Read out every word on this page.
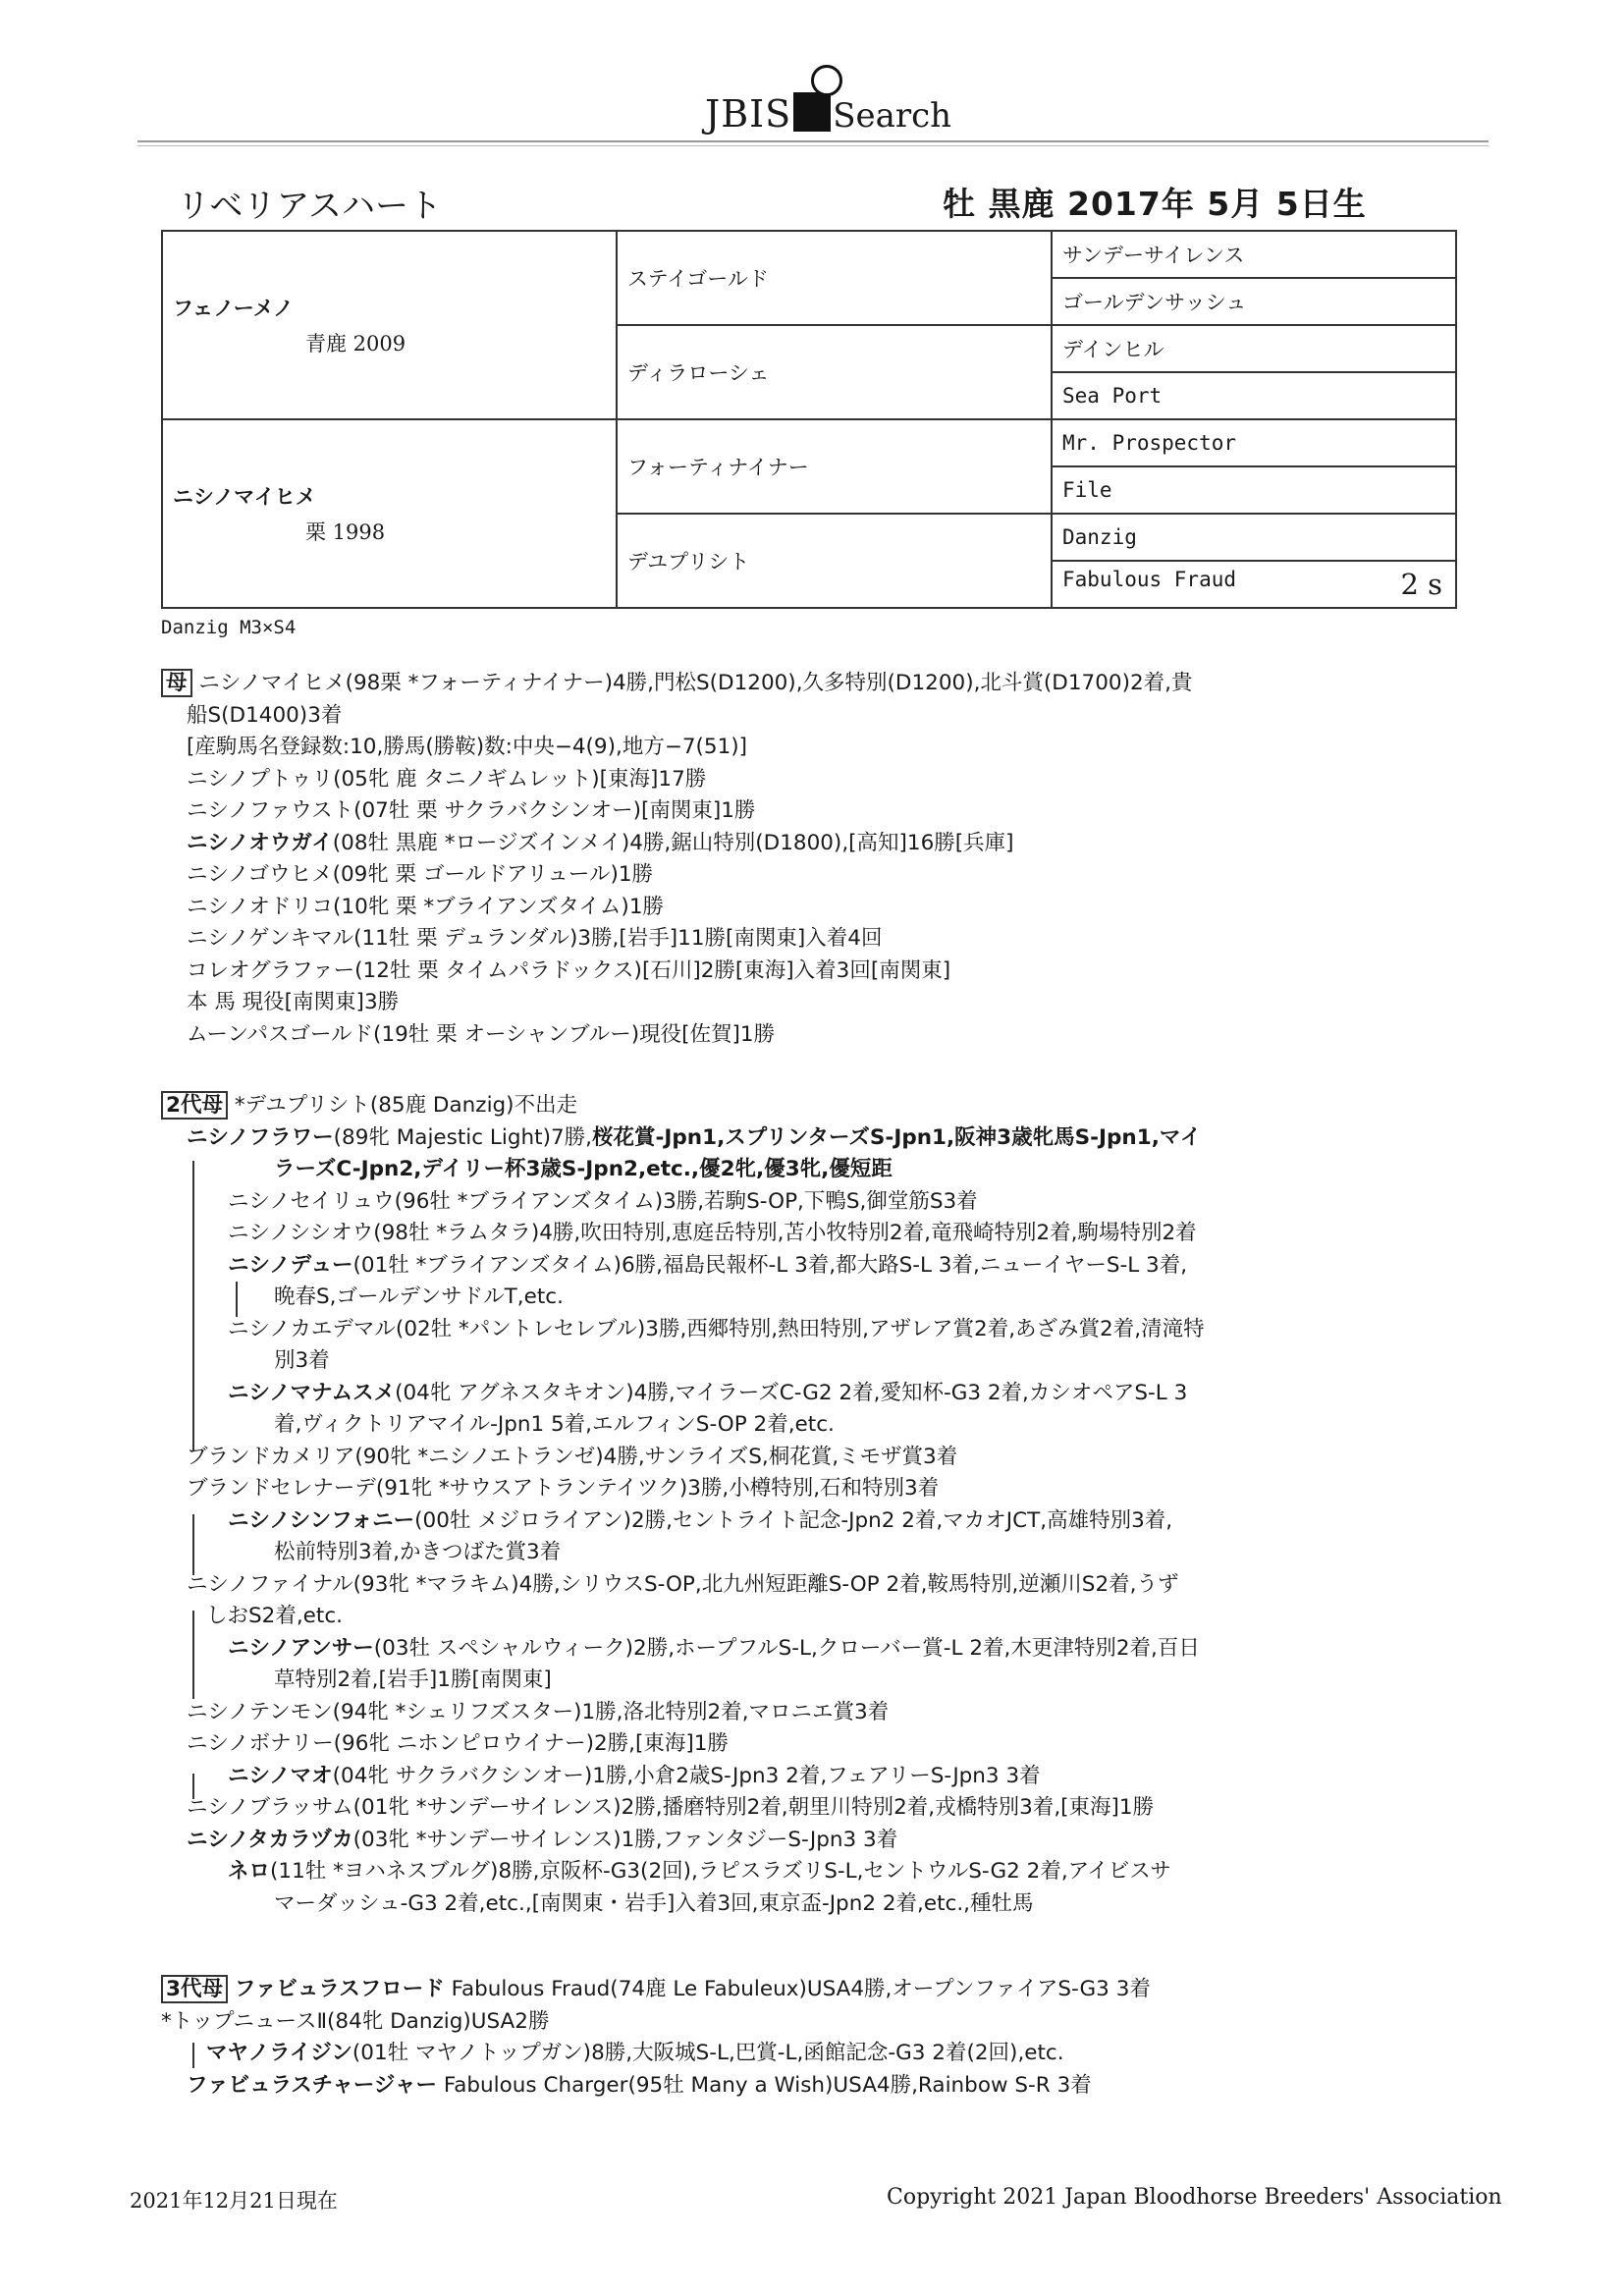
JBIS Search
リベリアスハート	牡 黒鹿 2017年 5月 5日生
フェノーメノ
青鹿 2009	ステイゴールド	サンデーサイレンス
		ゴールデンサッシュ
	ディラローシェ	デインヒル
		Sea Port

ニシノマイヒメ
栗 1998	フォーティナイナー	Mr. Prospector
		File
	デユプリシト	Danzig
		Fabulous Fraud 2 s
Danzig M3×S4

母 ニシノマイヒメ(98栗 *フォーティナイナー)4勝,門松S(D1200),久多特別(D1200),北斗賞(D1700)2着,貴

船S(D1400)3着

[産駒馬名登録数:10,勝馬(勝鞍)数:中央−4(9),地方−7(51)]

ニシノプトゥリ(05牝 鹿 タニノギムレット)[東海]17勝

ニシノファウスト(07牡 栗 サクラバクシンオー)[南関東]1勝

ニシノオウガイ(08牡 黒鹿 *ロージズインメイ)4勝,鋸山特別(D1800),[高知]16勝[兵庫]

ニシノゴウヒメ(09牝 栗 ゴールドアリュール)1勝

ニシノオドリコ(10牝 栗 *ブライアンズタイム)1勝

ニシノゲンキマル(11牡 栗 デュランダル)3勝,[岩手]11勝[南関東]入着4回

コレオグラファー(12牡 栗 タイムパラドックス)[石川]2勝[東海]入着3回[南関東]

本 馬 現役[南関東]3勝

ムーンパスゴールド(19牡 栗 オーシャンブルー)現役[佐賀]1勝

2代母 *デユプリシト(85鹿 Danzig)不出走

ニシノフラワー(89牝 Majestic Light)7勝,桜花賞-Jpn1,スプリンターズS-Jpn1,阪神3歳牝馬S-Jpn1,マイ

ラーズC-Jpn2,デイリー杯3歳S-Jpn2,etc.,優2牝,優3牝,優短距

ニシノセイリュウ(96牡 *ブライアンズタイム)3勝,若駒S-OP,下鴨S,御堂筋S3着

ニシノシシオウ(98牡 *ラムタラ)4勝,吹田特別,恵庭岳特別,苫小牧特別2着,竜飛崎特別2着,駒場特別2着

ニシノデュー(01牡 *ブライアンズタイム)6勝,福島民報杯-L 3着,都大路S-L 3着,ニューイヤーS-L 3着,

晩春S,ゴールデンサドルT,etc.

ニシノカエデマル(02牡 *パントレセレブル)3勝,西郷特別,熱田特別,アザレア賞2着,あざみ賞2着,清滝特

別3着

ニシノマナムスメ(04牝 アグネスタキオン)4勝,マイラーズC-G2 2着,愛知杯-G3 2着,カシオペアS-L 3

着,ヴィクトリアマイル-Jpn1 5着,エルフィンS-OP 2着,etc.

ブランドカメリア(90牝 *ニシノエトランゼ)4勝,サンライズS,桐花賞,ミモザ賞3着

ブランドセレナーデ(91牝 *サウスアトランテイツク)3勝,小樽特別,石和特別3着

ニシノシンフォニー(00牡 メジロライアン)2勝,セントライト記念-Jpn2 2着,マカオJCT,高雄特別3着,

松前特別3着,かきつばた賞3着

ニシノファイナル(93牝 *マラキム)4勝,シリウスS-OP,北九州短距離S-OP 2着,鞍馬特別,逆瀬川S2着,うず

しおS2着,etc.

ニシノアンサー(03牡 スペシャルウィーク)2勝,ホープフルS-L,クローバー賞-L 2着,木更津特別2着,百日

草特別2着,[岩手]1勝[南関東]

ニシノテンモン(94牝 *シェリフズスター)1勝,洛北特別2着,マロニエ賞3着

ニシノボナリー(96牝 ニホンピロウイナー)2勝,[東海]1勝

ニシノマオ(04牝 サクラバクシンオー)1勝,小倉2歳S-Jpn3 2着,フェアリーS-Jpn3 3着

ニシノブラッサム(01牝 *サンデーサイレンス)2勝,播磨特別2着,朝里川特別2着,戎橋特別3着,[東海]1勝

ニシノタカラヅカ(03牝 *サンデーサイレンス)1勝,ファンタジーS-Jpn3 3着

ネロ(11牡 *ヨハネスブルグ)8勝,京阪杯-G3(2回),ラピスラズリS-L,セントウルS-G2 2着,アイビスサ

マーダッシュ-G3 2着,etc.,[南関東・岩手]入着3回,東京盃-Jpn2 2着,etc.,種牡馬

3代母 ファビュラスフロード Fabulous Fraud(74鹿 Le Fabuleux)USA4勝,オープンファイアS-G3 3着

*トップニュースⅡ(84牝 Danzig)USA2勝

マヤノライジン(01牡 マヤノトップガン)8勝,大阪城S-L,巴賞-L,函館記念-G3 2着(2回),etc.

ファビュラスチャージャー Fabulous Charger(95牡 Many a Wish)USA4勝,Rainbow S-R 3着

2021年12月21日現在	Copyright 2021 Japan Bloodhorse Breeders' Association
